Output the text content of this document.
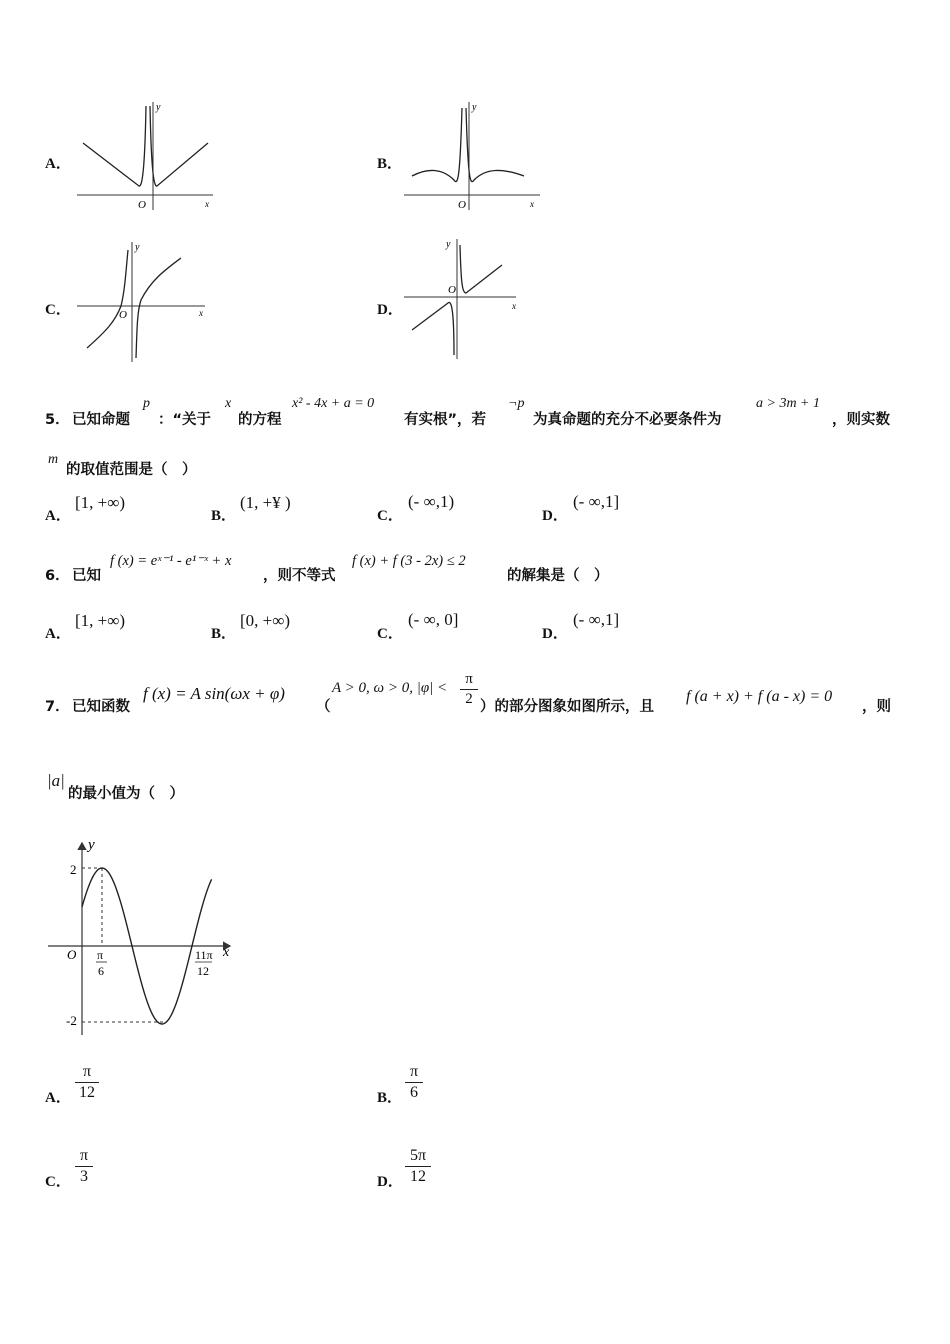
A．
y
x
O
B．
y
x
O
C．
y
x
O	D．
y
x
O
5． 已知命题
p
：“关于
x
的方程
x² - 4x + a = 0
有实根”，若
¬p
为真命题的充分不必要条件为
a > 3m + 1
，则实数
m
的取值范围是（　）
A．
[1, +∞)
B．
(1, +¥ )
C．
(- ∞,1)
D．
(- ∞,1]
6． 已知
f (x) = eˣ⁻¹ - e¹⁻ˣ + x
，则不等式
f (x) + f (3 - 2x) ≤ 2
的解集是（　）
A．
[1, +∞)
B．
[0, +∞)
C．
(- ∞, 0]
D．
(- ∞,1]
7． 已知函数
f (x) = A sin(ωx + φ)
（
A > 0, ω > 0, $|\varphi| < \frac{\pi}{2}$ ）的部分图象如图所示，且
f (a + x) + f (a - x) = 0
，则
|a|
的最小值为（　）
y
x
O
2
-2
π
6
11π
12
A． $\frac{\pi}{12}$	B． $\frac{\pi}{6}$
C． $\frac{\pi}{3}$	D． $\frac{5\pi}{12}$
